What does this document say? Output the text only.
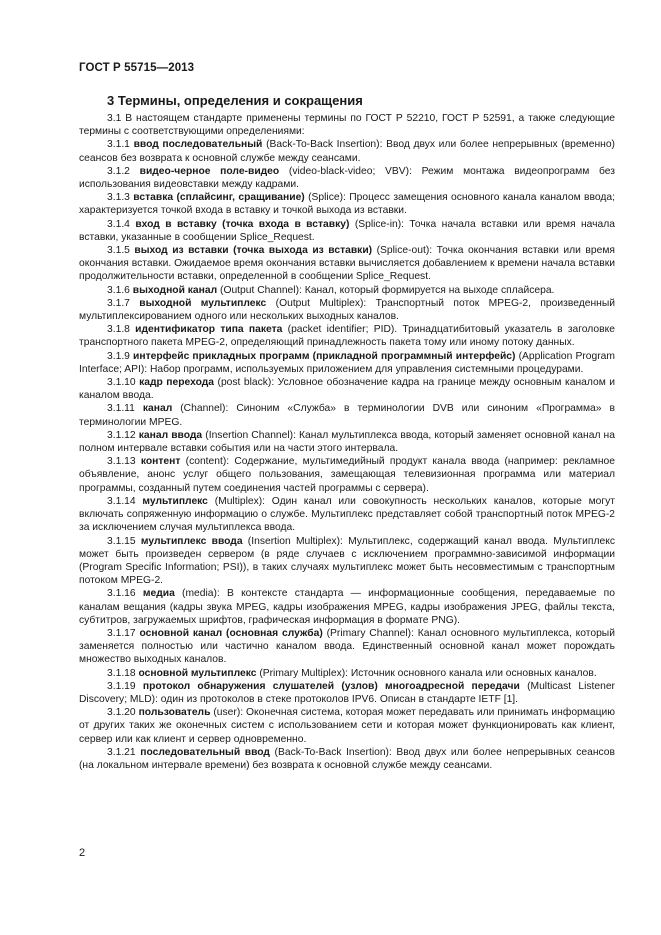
ГОСТ Р 55715—2013
3 Термины, определения и сокращения

3.1 В настоящем стандарте применены термины по ГОСТ Р 52210, ГОСТ Р 52591, а также следующие термины с соответствующими определениями:

3.1.1 ввод последовательный (Back-To-Back Insertion): Ввод двух или более непрерывных (временно) сеансов без возврата к основной службе между сеансами.

3.1.2 видео-черное поле-видео (video-black-video; VBV): Режим монтажа видеопрограмм без использования видеовставки между кадрами.

3.1.3 вставка (сплайсинг, сращивание) (Splice): Процесс замещения основного канала каналом ввода; характеризуется точкой входа в вставку и точкой выхода из вставки.

3.1.4 вход в вставку (точка входа в вставку) (Splice-in): Точка начала вставки или время начала вставки, указанные в сообщении Splice_Request.

3.1.5 выход из вставки (точка выхода из вставки) (Splice-out): Точка окончания вставки или время окончания вставки. Ожидаемое время окончания вставки вычисляется добавлением к времени начала вставки продолжительности вставки, определенной в сообщении Splice_Request.

3.1.6 выходной канал (Output Channel): Канал, который формируется на выходе сплайсера.

3.1.7 выходной мультиплекс (Output Multiplex): Транспортный поток MPEG-2, произведенный мультиплексированием одного или нескольких выходных каналов.

3.1.8 идентификатор типа пакета (packet identifier; PID). Тринадцатибитовый указатель в заголовке транспортного пакета MPEG-2, определяющий принадлежность пакета тому или иному потоку данных.

3.1.9 интерфейс прикладных программ (прикладной программный интерфейс) (Application Program Interface; API): Набор программ, используемых приложением для управления системными процедурами.

3.1.10 кадр перехода (post black): Условное обозначение кадра на границе между основным каналом и каналом ввода.

3.1.11 канал (Channel): Синоним «Служба» в терминологии DVB или синоним «Программа» в терминологии MPEG.

3.1.12 канал ввода (Insertion Channel): Канал мультиплекса ввода, который заменяет основной канал на полном интервале вставки события или на части этого интервала.

3.1.13 контент (content): Содержание, мультимедийный продукт канала ввода (например: рекламное объявление, анонс услуг общего пользования, замещающая телевизионная программа или материал программы, созданный путем соединения частей программы с сервера).

3.1.14 мультиплекс (Multiplex): Один канал или совокупность нескольких каналов, которые могут включать сопряженную информацию о службе. Мультиплекс представляет собой транспортный поток MPEG-2 за исключением случая мультиплекса ввода.

3.1.15 мультиплекс ввода (Insertion Multiplex): Мультиплекс, содержащий канал ввода. Мультиплекс может быть произведен сервером (в ряде случаев с исключением программно-зависимой информации (Program Specific Information; PSI)), в таких случаях мультиплекс может быть несовместимым с транспортным потоком MPEG-2.

3.1.16 медиа (media): В контексте стандарта — информационные сообщения, передаваемые по каналам вещания (кадры звука MPEG, кадры изображения MPEG, кадры изображения JPEG, файлы текста, субтитров, загружаемых шрифтов, графическая информация в формате PNG).

3.1.17 основной канал (основная служба) (Primary Channel): Канал основного мультиплекса, который заменяется полностью или частично каналом ввода. Единственный основной канал может порождать множество выходных каналов.

3.1.18 основной мультиплекс (Primary Multiplex): Источник основного канала или основных каналов.

3.1.19 протокол обнаружения слушателей (узлов) многоадресной передачи (Multicast Listener Discovery; MLD): один из протоколов в стеке протоколов IPV6. Описан в стандарте IETF [1].

3.1.20 пользователь (user): Оконечная система, которая может передавать или принимать информацию от других таких же оконечных систем с использованием сети и которая может функционировать как клиент, сервер или как клиент и сервер одновременно.

3.1.21 последовательный ввод (Back-To-Back Insertion): Ввод двух или более непрерывных сеансов (на локальном интервале времени) без возврата к основной службе между сеансами.

2
